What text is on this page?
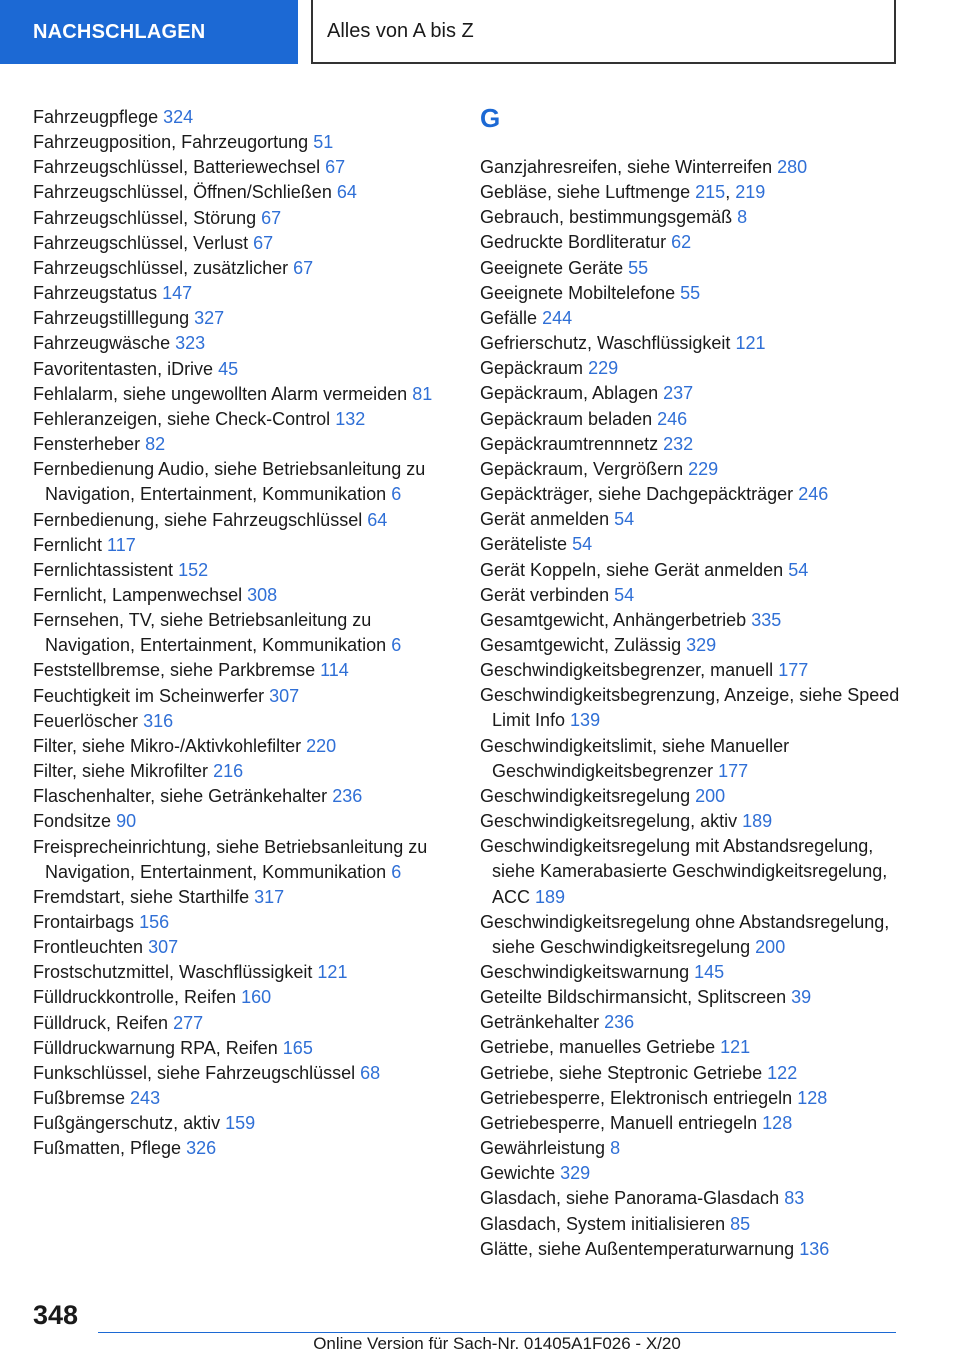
NACHSCHLAGEN	Alles von A bis Z
Fahrzeugpflege 324
Fahrzeugposition, Fahrzeugortung 51
Fahrzeugschlüssel, Batteriewechsel 67
Fahrzeugschlüssel, Öffnen/Schließen 64
Fahrzeugschlüssel, Störung 67
Fahrzeugschlüssel, Verlust 67
Fahrzeugschlüssel, zusätzlicher 67
Fahrzeugstatus 147
Fahrzeugstilllegung 327
Fahrzeugwäsche 323
Favoritentasten, iDrive 45
Fehlalarm, siehe ungewollten Alarm vermeiden 81
Fehleranzeigen, siehe Check-Control 132
Fensterheber 82
Fernbedienung Audio, siehe Betriebsanleitung zu Navigation, Entertainment, Kommunikation 6
Fernbedienung, siehe Fahrzeugschlüssel 64
Fernlicht 117
Fernlichtassistent 152
Fernlicht, Lampenwechsel 308
Fernsehen, TV, siehe Betriebsanleitung zu Navigation, Entertainment, Kommunikation 6
Feststellbremse, siehe Parkbremse 114
Feuchtigkeit im Scheinwerfer 307
Feuerlöscher 316
Filter, siehe Mikro-/Aktivkohlefilter 220
Filter, siehe Mikrofilter 216
Flaschenhalter, siehe Getränkehalter 236
Fondsitze 90
Freisprecheinrichtung, siehe Betriebsanleitung zu Navigation, Entertainment, Kommunikation 6
Fremdstart, siehe Starthilfe 317
Frontairbags 156
Frontleuchten 307
Frostschutzmittel, Waschflüssigkeit 121
Fülldruckkontrolle, Reifen 160
Fülldruck, Reifen 277
Fülldruckwarnung RPA, Reifen 165
Funkschlüssel, siehe Fahrzeugschlüssel 68
Fußbremse 243
Fußgängerschutz, aktiv 159
Fußmatten, Pflege 326
G
Ganzjahresreifen, siehe Winterreifen 280
Gebläse, siehe Luftmenge 215, 219
Gebrauch, bestimmungsgemäß 8
Gedruckte Bordliteratur 62
Geeignete Geräte 55
Geeignete Mobiltelefone 55
Gefälle 244
Gefrierschutz, Waschflüssigkeit 121
Gepäckraum 229
Gepäckraum, Ablagen 237
Gepäckraum beladen 246
Gepäckraumtrennnetz 232
Gepäckraum, Vergrößern 229
Gepäckträger, siehe Dachgepäckträger 246
Gerät anmelden 54
Geräteliste 54
Gerät Koppeln, siehe Gerät anmelden 54
Gerät verbinden 54
Gesamtgewicht, Anhängerbetrieb 335
Gesamtgewicht, Zulässig 329
Geschwindigkeitsbegrenzer, manuell 177
Geschwindigkeitsbegrenzung, Anzeige, siehe Speed Limit Info 139
Geschwindigkeitslimit, siehe Manueller Geschwindigkeitsbegrenzer 177
Geschwindigkeitsregelung 200
Geschwindigkeitsregelung, aktiv 189
Geschwindigkeitsregelung mit Abstandsregelung, siehe Kamerabasierte Geschwindigkeitsregelung, ACC 189
Geschwindigkeitsregelung ohne Abstandsregelung, siehe Geschwindigkeitsregelung 200
Geschwindigkeitswarnung 145
Geteilte Bildschirmansicht, Splitscreen 39
Getränkehalter 236
Getriebe, manuelles Getriebe 121
Getriebe, siehe Steptronic Getriebe 122
Getriebesperre, Elektronisch entriegeln 128
Getriebesperre, Manuell entriegeln 128
Gewährleistung 8
Gewichte 329
Glasdach, siehe Panorama-Glasdach 83
Glasdach, System initialisieren 85
Glätte, siehe Außentemperaturwarnung 136
348
Online Version für Sach-Nr. 01405A1F026 - X/20
